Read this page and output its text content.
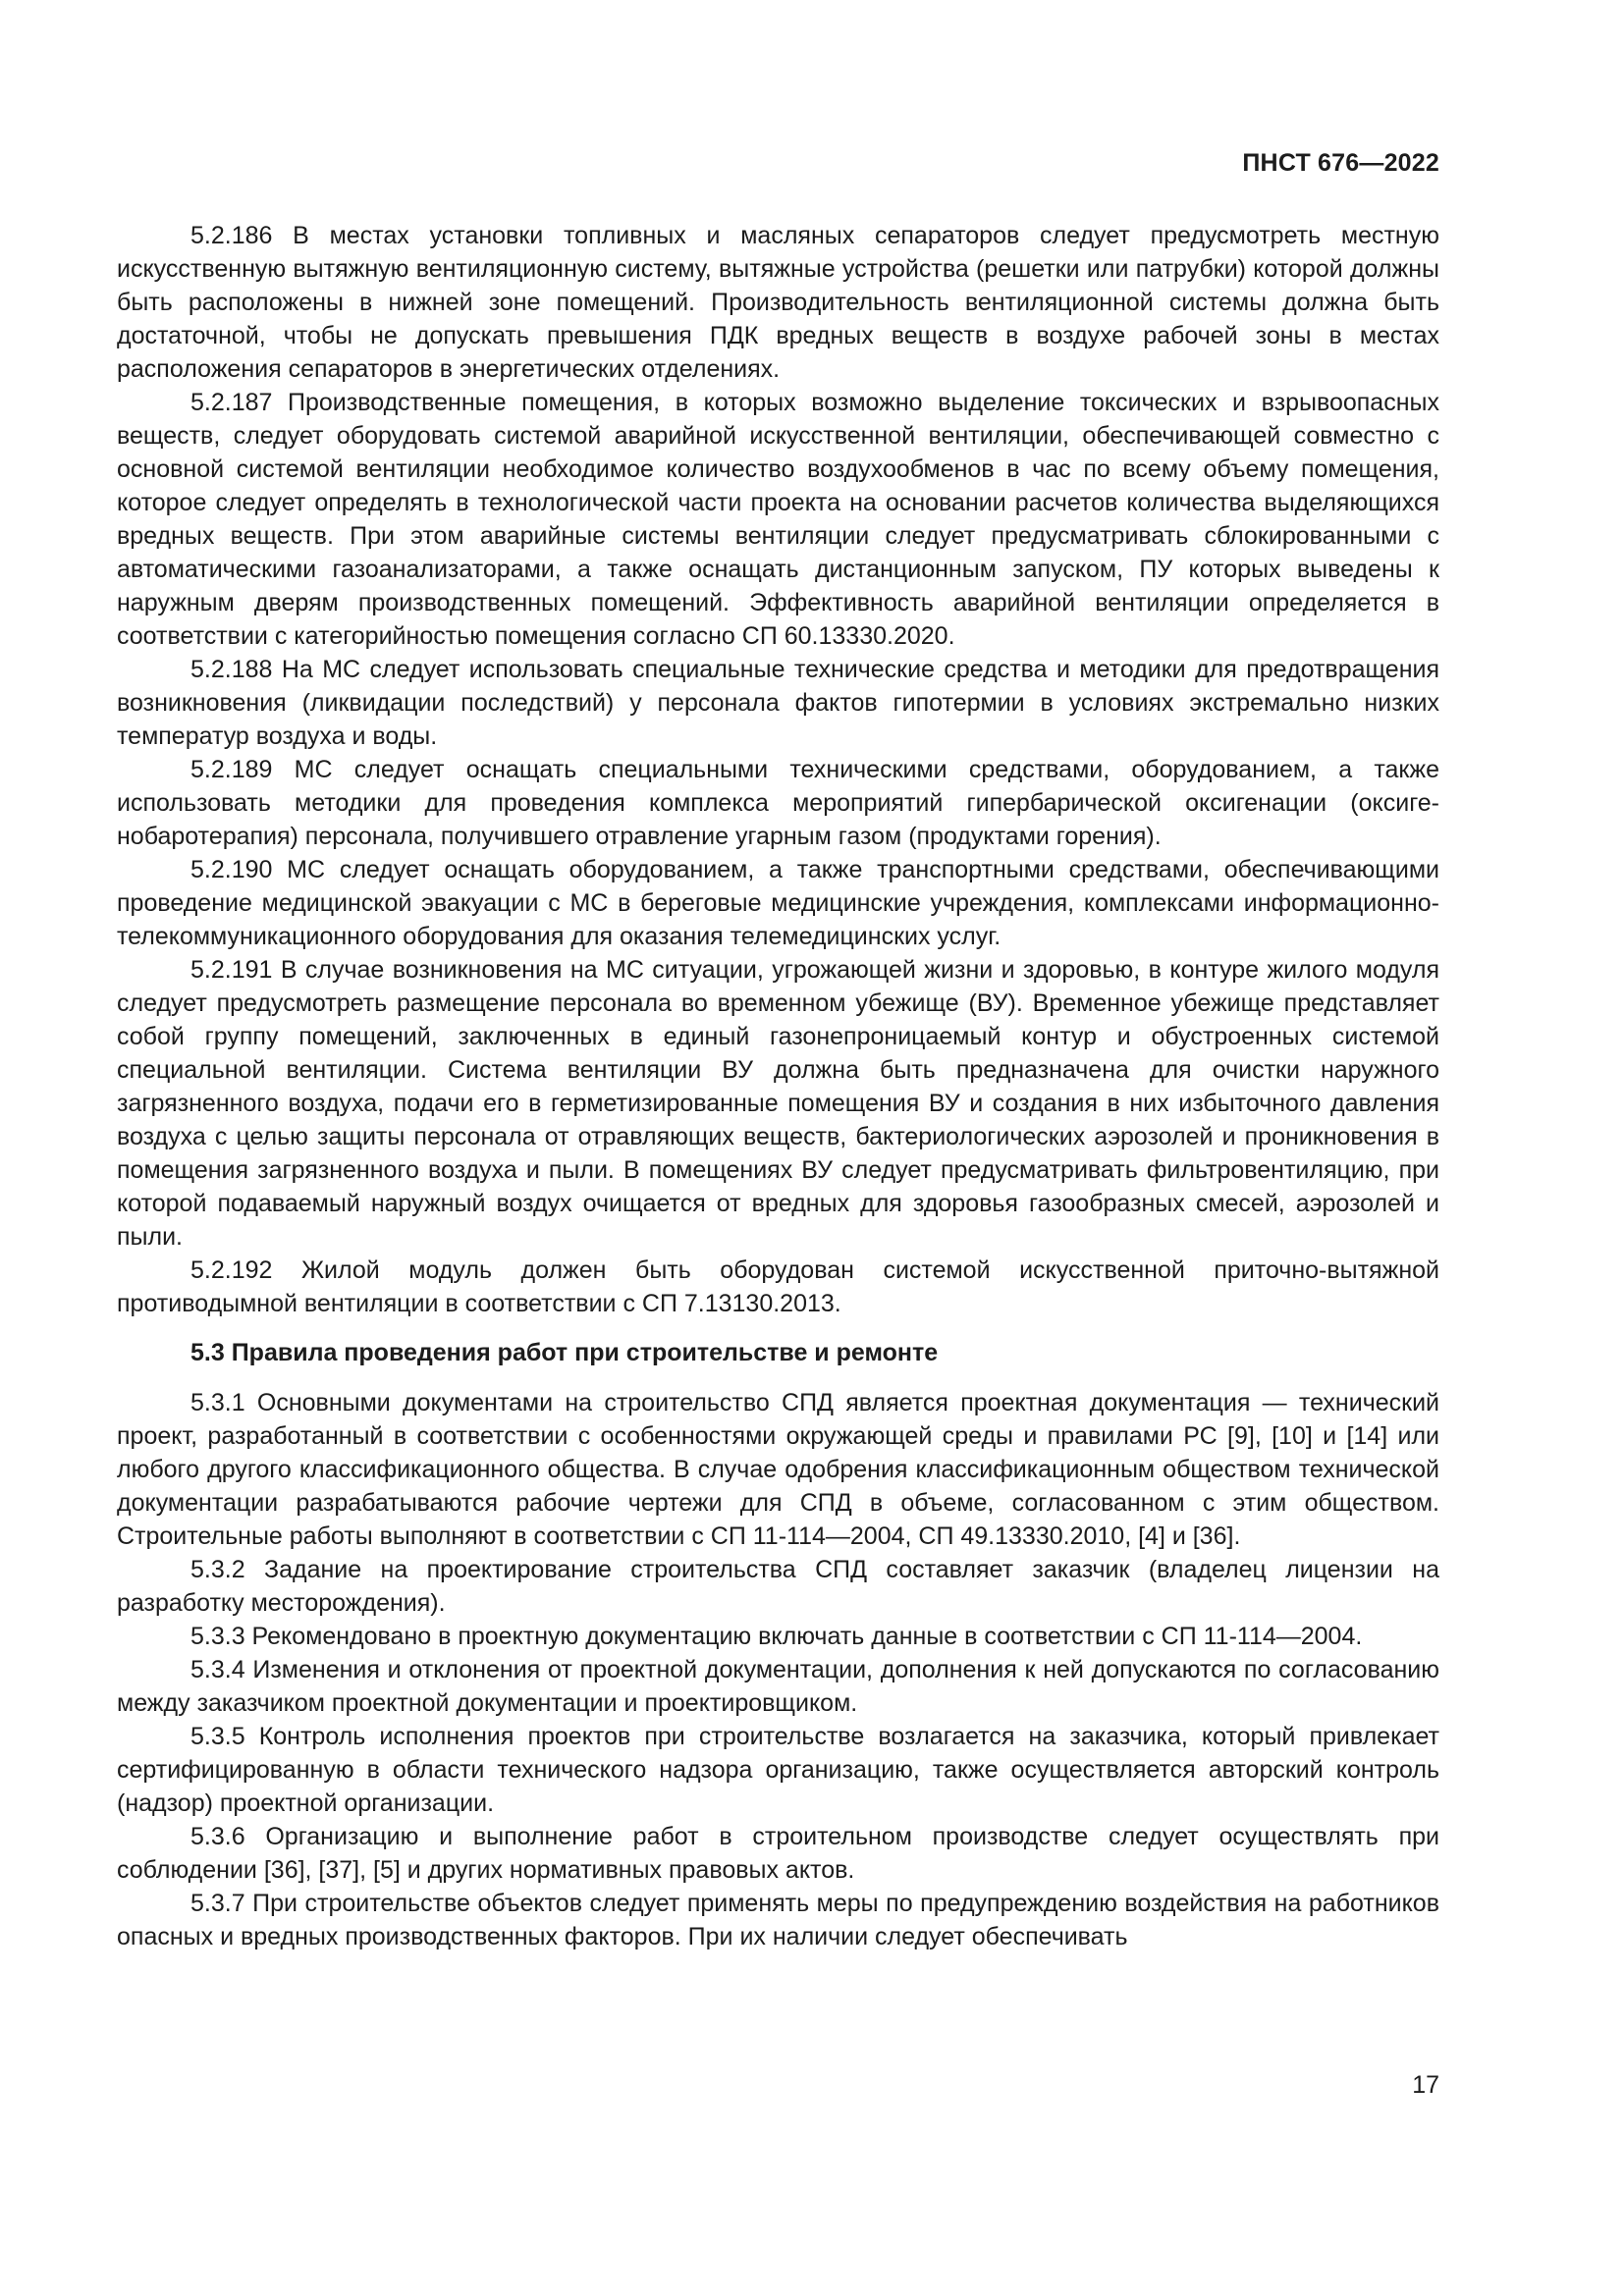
ПНСТ 676—2022

5.2.186 В местах установки топливных и масляных сепараторов следует предусмотреть местную искусственную вытяжную вентиляционную систему, вытяжные устройства (решетки или патрубки) которой должны быть расположены в нижней зоне помещений. Производительность вентиляционной системы должна быть достаточной, чтобы не допускать превышения ПДК вредных веществ в воздухе рабочей зоны в местах расположения сепараторов в энергетических отделениях.

5.2.187 Производственные помещения, в которых возможно выделение токсических и взрывоопасных веществ, следует оборудовать системой аварийной искусственной вентиляции, обеспечивающей совместно с основной системой вентиляции необходимое количество воздухообменов в час по всему объему помещения, которое следует определять в технологической части проекта на основании расчетов количества выделяющихся вредных веществ. При этом аварийные системы вентиляции следует предусматривать сблокированными с автоматическими газоанализаторами, а также оснащать дистанционным запуском, ПУ которых выведены к наружным дверям производственных помещений. Эффективность аварийной вентиляции определяется в соответствии с категорийностью помещения согласно СП 60.13330.2020.

5.2.188 На МС следует использовать специальные технические средства и методики для предотвращения возникновения (ликвидации последствий) у персонала фактов гипотермии в условиях экстремально низких температур воздуха и воды.

5.2.189 МС следует оснащать специальными техническими средствами, оборудованием, а также использовать методики для проведения комплекса мероприятий гипербарической оксигенации (оксигенобаротерапия) персонала, получившего отравление угарным газом (продуктами горения).

5.2.190 МС следует оснащать оборудованием, а также транспортными средствами, обеспечивающими проведение медицинской эвакуации с МС в береговые медицинские учреждения, комплексами информационно-телекоммуникационного оборудования для оказания телемедицинских услуг.

5.2.191 В случае возникновения на МС ситуации, угрожающей жизни и здоровью, в контуре жилого модуля следует предусмотреть размещение персонала во временном убежище (ВУ). Временное убежище представляет собой группу помещений, заключенных в единый газонепроницаемый контур и обустроенных системой специальной вентиляции. Система вентиляции ВУ должна быть предназначена для очистки наружного загрязненного воздуха, подачи его в герметизированные помещения ВУ и создания в них избыточного давления воздуха с целью защиты персонала от отравляющих веществ, бактериологических аэрозолей и проникновения в помещения загрязненного воздуха и пыли. В помещениях ВУ следует предусматривать фильтровентиляцию, при которой подаваемый наружный воздух очищается от вредных для здоровья газообразных смесей, аэрозолей и пыли.

5.2.192 Жилой модуль должен быть оборудован системой искусственной приточно-вытяжной противодымной вентиляции в соответствии с СП 7.13130.2013.

5.3 Правила проведения работ при строительстве и ремонте

5.3.1 Основными документами на строительство СПД является проектная документация — технический проект, разработанный в соответствии с особенностями окружающей среды и правилами РС [9], [10] и [14] или любого другого классификационного общества. В случае одобрения классификационным обществом технической документации разрабатываются рабочие чертежи для СПД в объеме, согласованном с этим обществом. Строительные работы выполняют в соответствии с СП 11-114—2004, СП 49.13330.2010, [4] и [36].

5.3.2 Задание на проектирование строительства СПД составляет заказчик (владелец лицензии на разработку месторождения).

5.3.3 Рекомендовано в проектную документацию включать данные в соответствии с СП 11-114—2004.

5.3.4 Изменения и отклонения от проектной документации, дополнения к ней допускаются по согласованию между заказчиком проектной документации и проектировщиком.

5.3.5 Контроль исполнения проектов при строительстве возлагается на заказчика, который привлекает сертифицированную в области технического надзора организацию, также осуществляется авторский контроль (надзор) проектной организации.

5.3.6 Организацию и выполнение работ в строительном производстве следует осуществлять при соблюдении [36], [37], [5] и других нормативных правовых актов.

5.3.7 При строительстве объектов следует применять меры по предупреждению воздействия на работников опасных и вредных производственных факторов. При их наличии следует обеспечивать

17
